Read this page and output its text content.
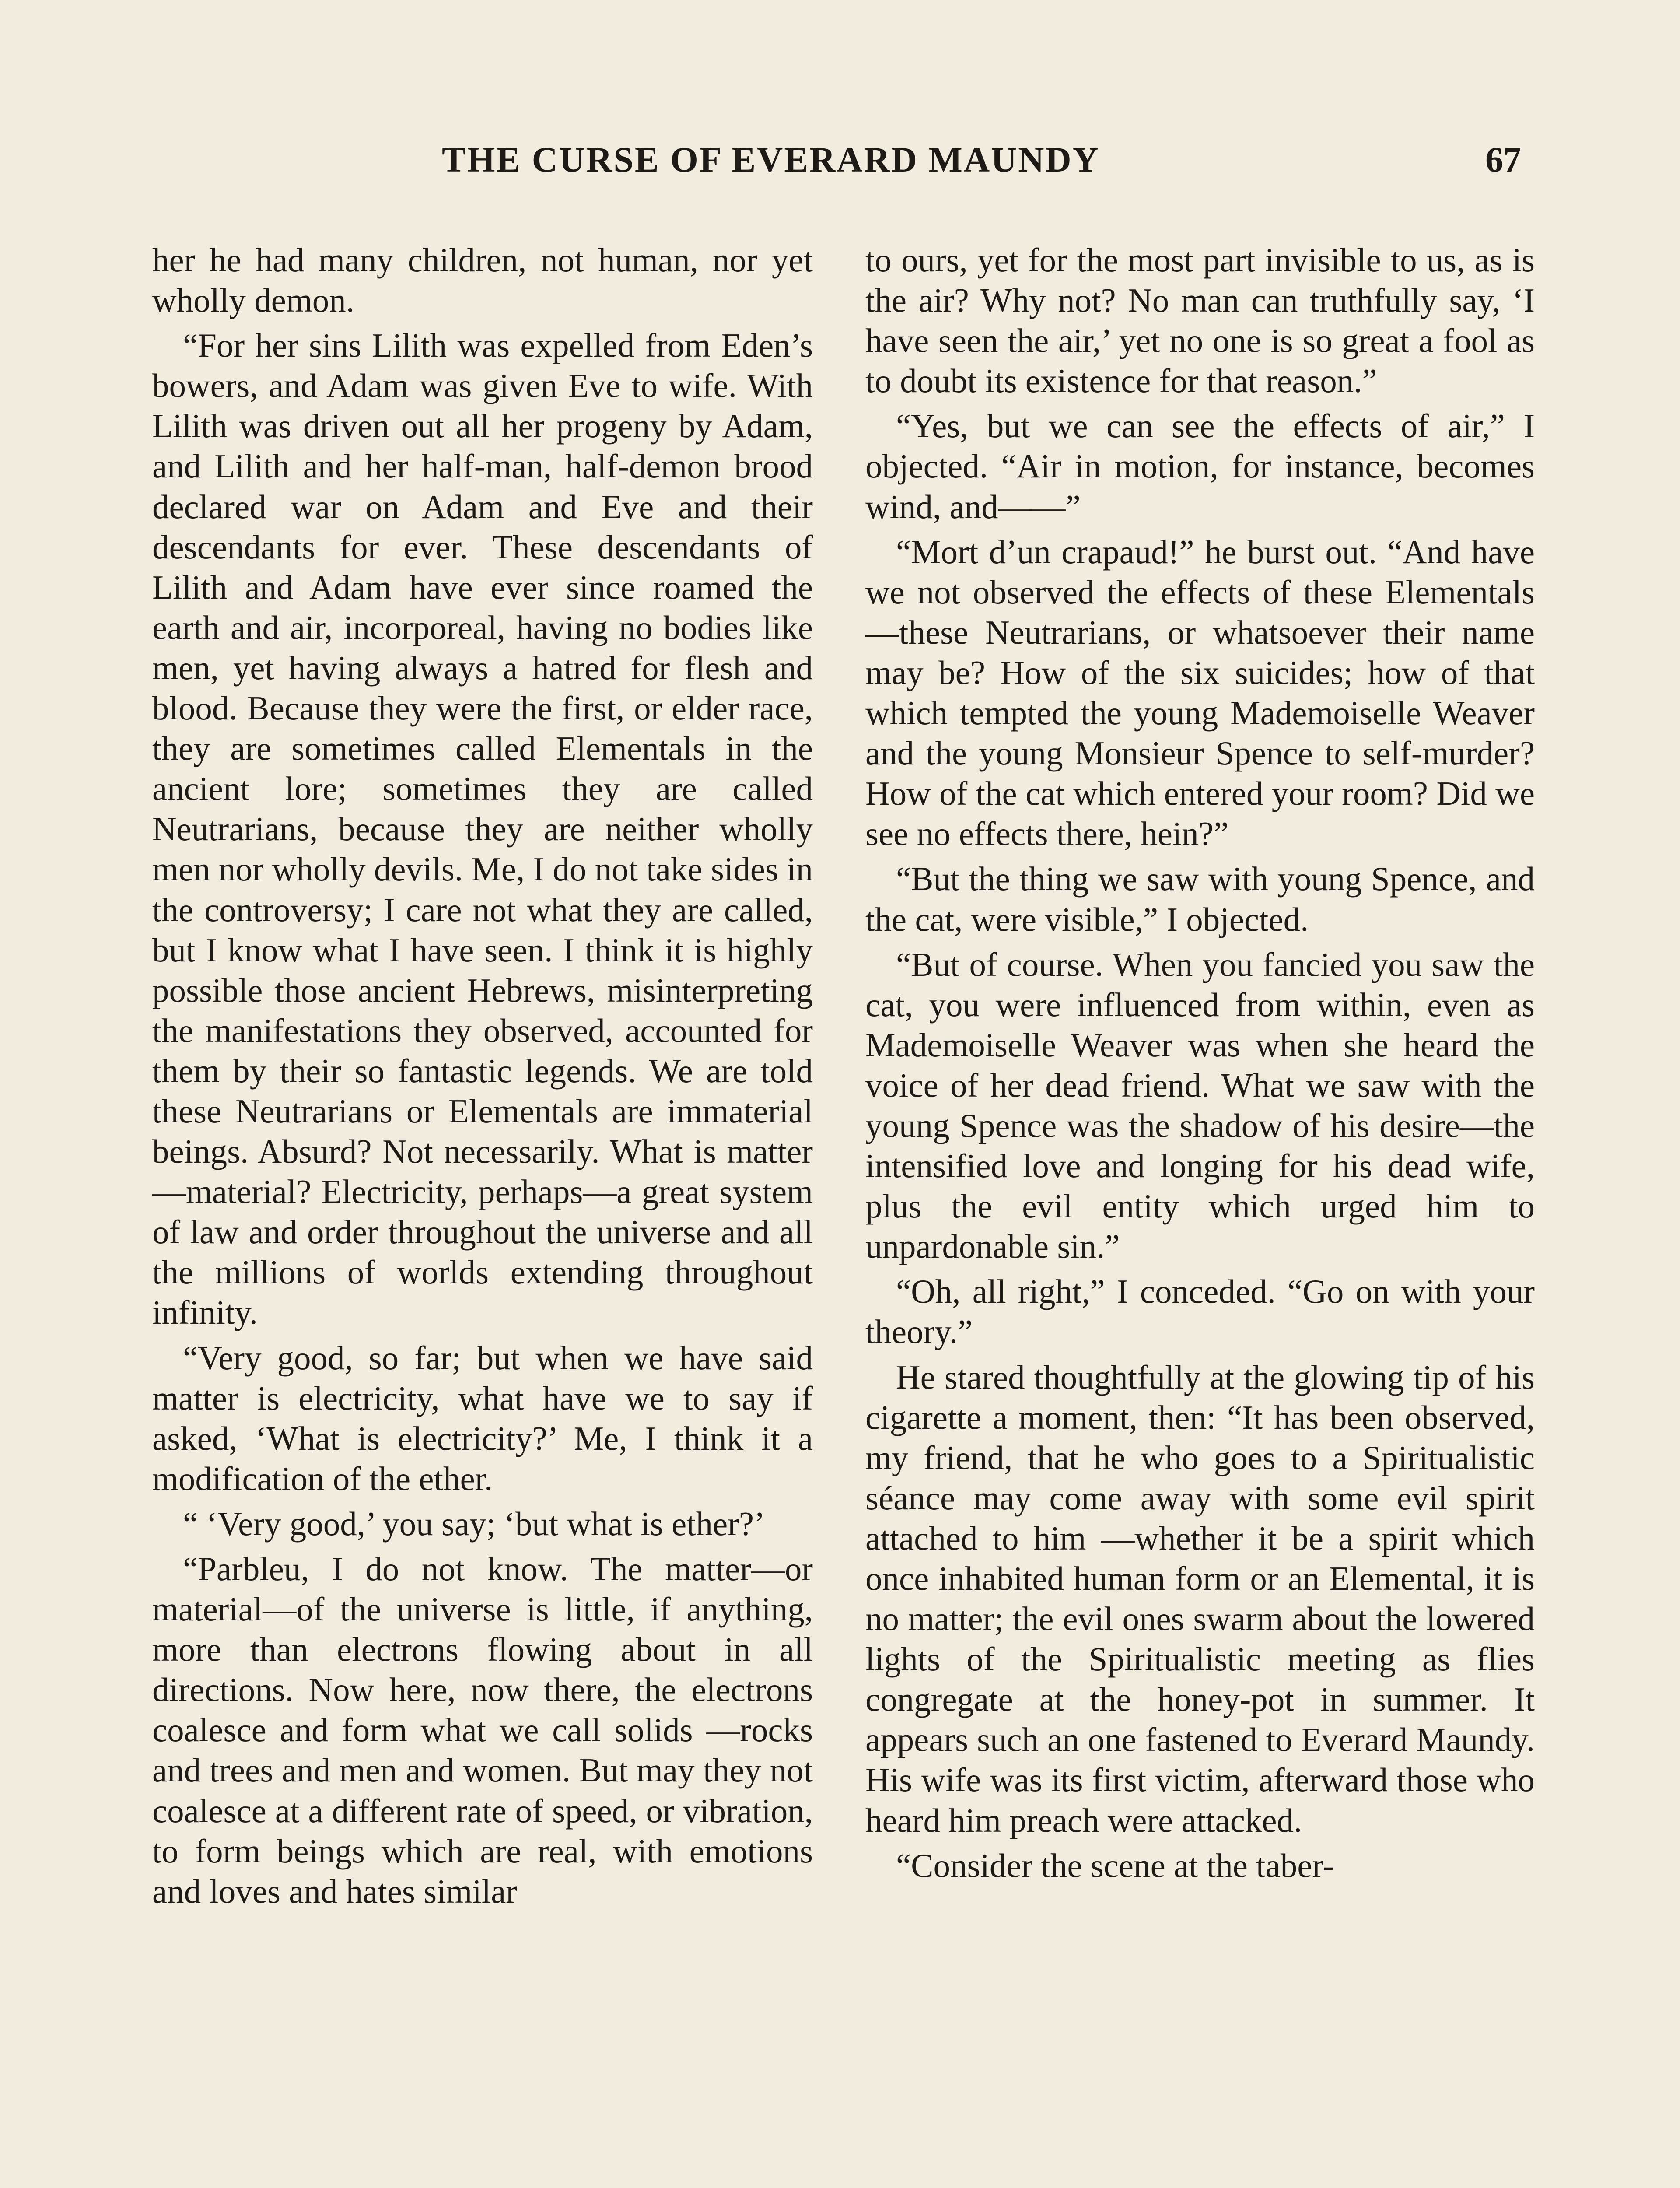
THE CURSE OF EVERARD MAUNDY	67

her he had many children, not human, nor yet wholly demon.

“For her sins Lilith was expelled from Eden’s bowers, and Adam was given Eve to wife. With Lilith was driven out all her progeny by Adam, and Lilith and her half-man, half-demon brood declared war on Adam and Eve and their descendants for ever. These descendants of Lilith and Adam have ever since roamed the earth and air, incorporeal, having no bodies like men, yet having always a hatred for flesh and blood. Because they were the first, or elder race, they are sometimes called Elementals in the ancient lore; sometimes they are called Neutrarians, because they are neither wholly men nor wholly devils. Me, I do not take sides in the controversy; I care not what they are called, but I know what I have seen. I think it is highly possible those ancient Hebrews, misinterpreting the manifestations they observed, accounted for them by their so fantastic legends. We are told these Neutrarians or Elementals are immaterial beings. Absurd? Not necessarily. What is matter—material? Electricity, perhaps—a great system of law and order throughout the universe and all the millions of worlds extending throughout infinity.

“Very good, so far; but when we have said matter is electricity, what have we to say if asked, ‘What is electricity?’ Me, I think it a modification of the ether.

“ ‘Very good,’ you say; ‘but what is ether?’

“Parbleu, I do not know. The matter—or material—of the universe is little, if anything, more than electrons flowing about in all directions. Now here, now there, the electrons coalesce and form what we call solids —rocks and trees and men and women. But may they not coalesce at a different rate of speed, or vibration, to form beings which are real, with emotions and loves and hates similar

to ours, yet for the most part invisible to us, as is the air? Why not? No man can truthfully say, ‘I have seen the air,’ yet no one is so great a fool as to doubt its existence for that reason.”

“Yes, but we can see the effects of air,” I objected. “Air in motion, for instance, becomes wind, and——”

“Mort d’un crapaud!” he burst out. “And have we not observed the effects of these Elementals—these Neutrarians, or whatsoever their name may be? How of the six suicides; how of that which tempted the young Mademoiselle Weaver and the young Monsieur Spence to self-murder? How of the cat which entered your room? Did we see no effects there, hein?”

“But the thing we saw with young Spence, and the cat, were visible,” I objected.

“But of course. When you fancied you saw the cat, you were influenced from within, even as Mademoiselle Weaver was when she heard the voice of her dead friend. What we saw with the young Spence was the shadow of his desire—the intensified love and longing for his dead wife, plus the evil entity which urged him to unpardonable sin.”

“Oh, all right,” I conceded. “Go on with your theory.”

He stared thoughtfully at the glowing tip of his cigarette a moment, then: “It has been observed, my friend, that he who goes to a Spiritualistic séance may come away with some evil spirit attached to him —whether it be a spirit which once inhabited human form or an Elemental, it is no matter; the evil ones swarm about the lowered lights of the Spiritualistic meeting as flies congregate at the honey-pot in summer. It appears such an one fastened to Everard Maundy. His wife was its first victim, afterward those who heard him preach were attacked.

“Consider the scene at the taber-
